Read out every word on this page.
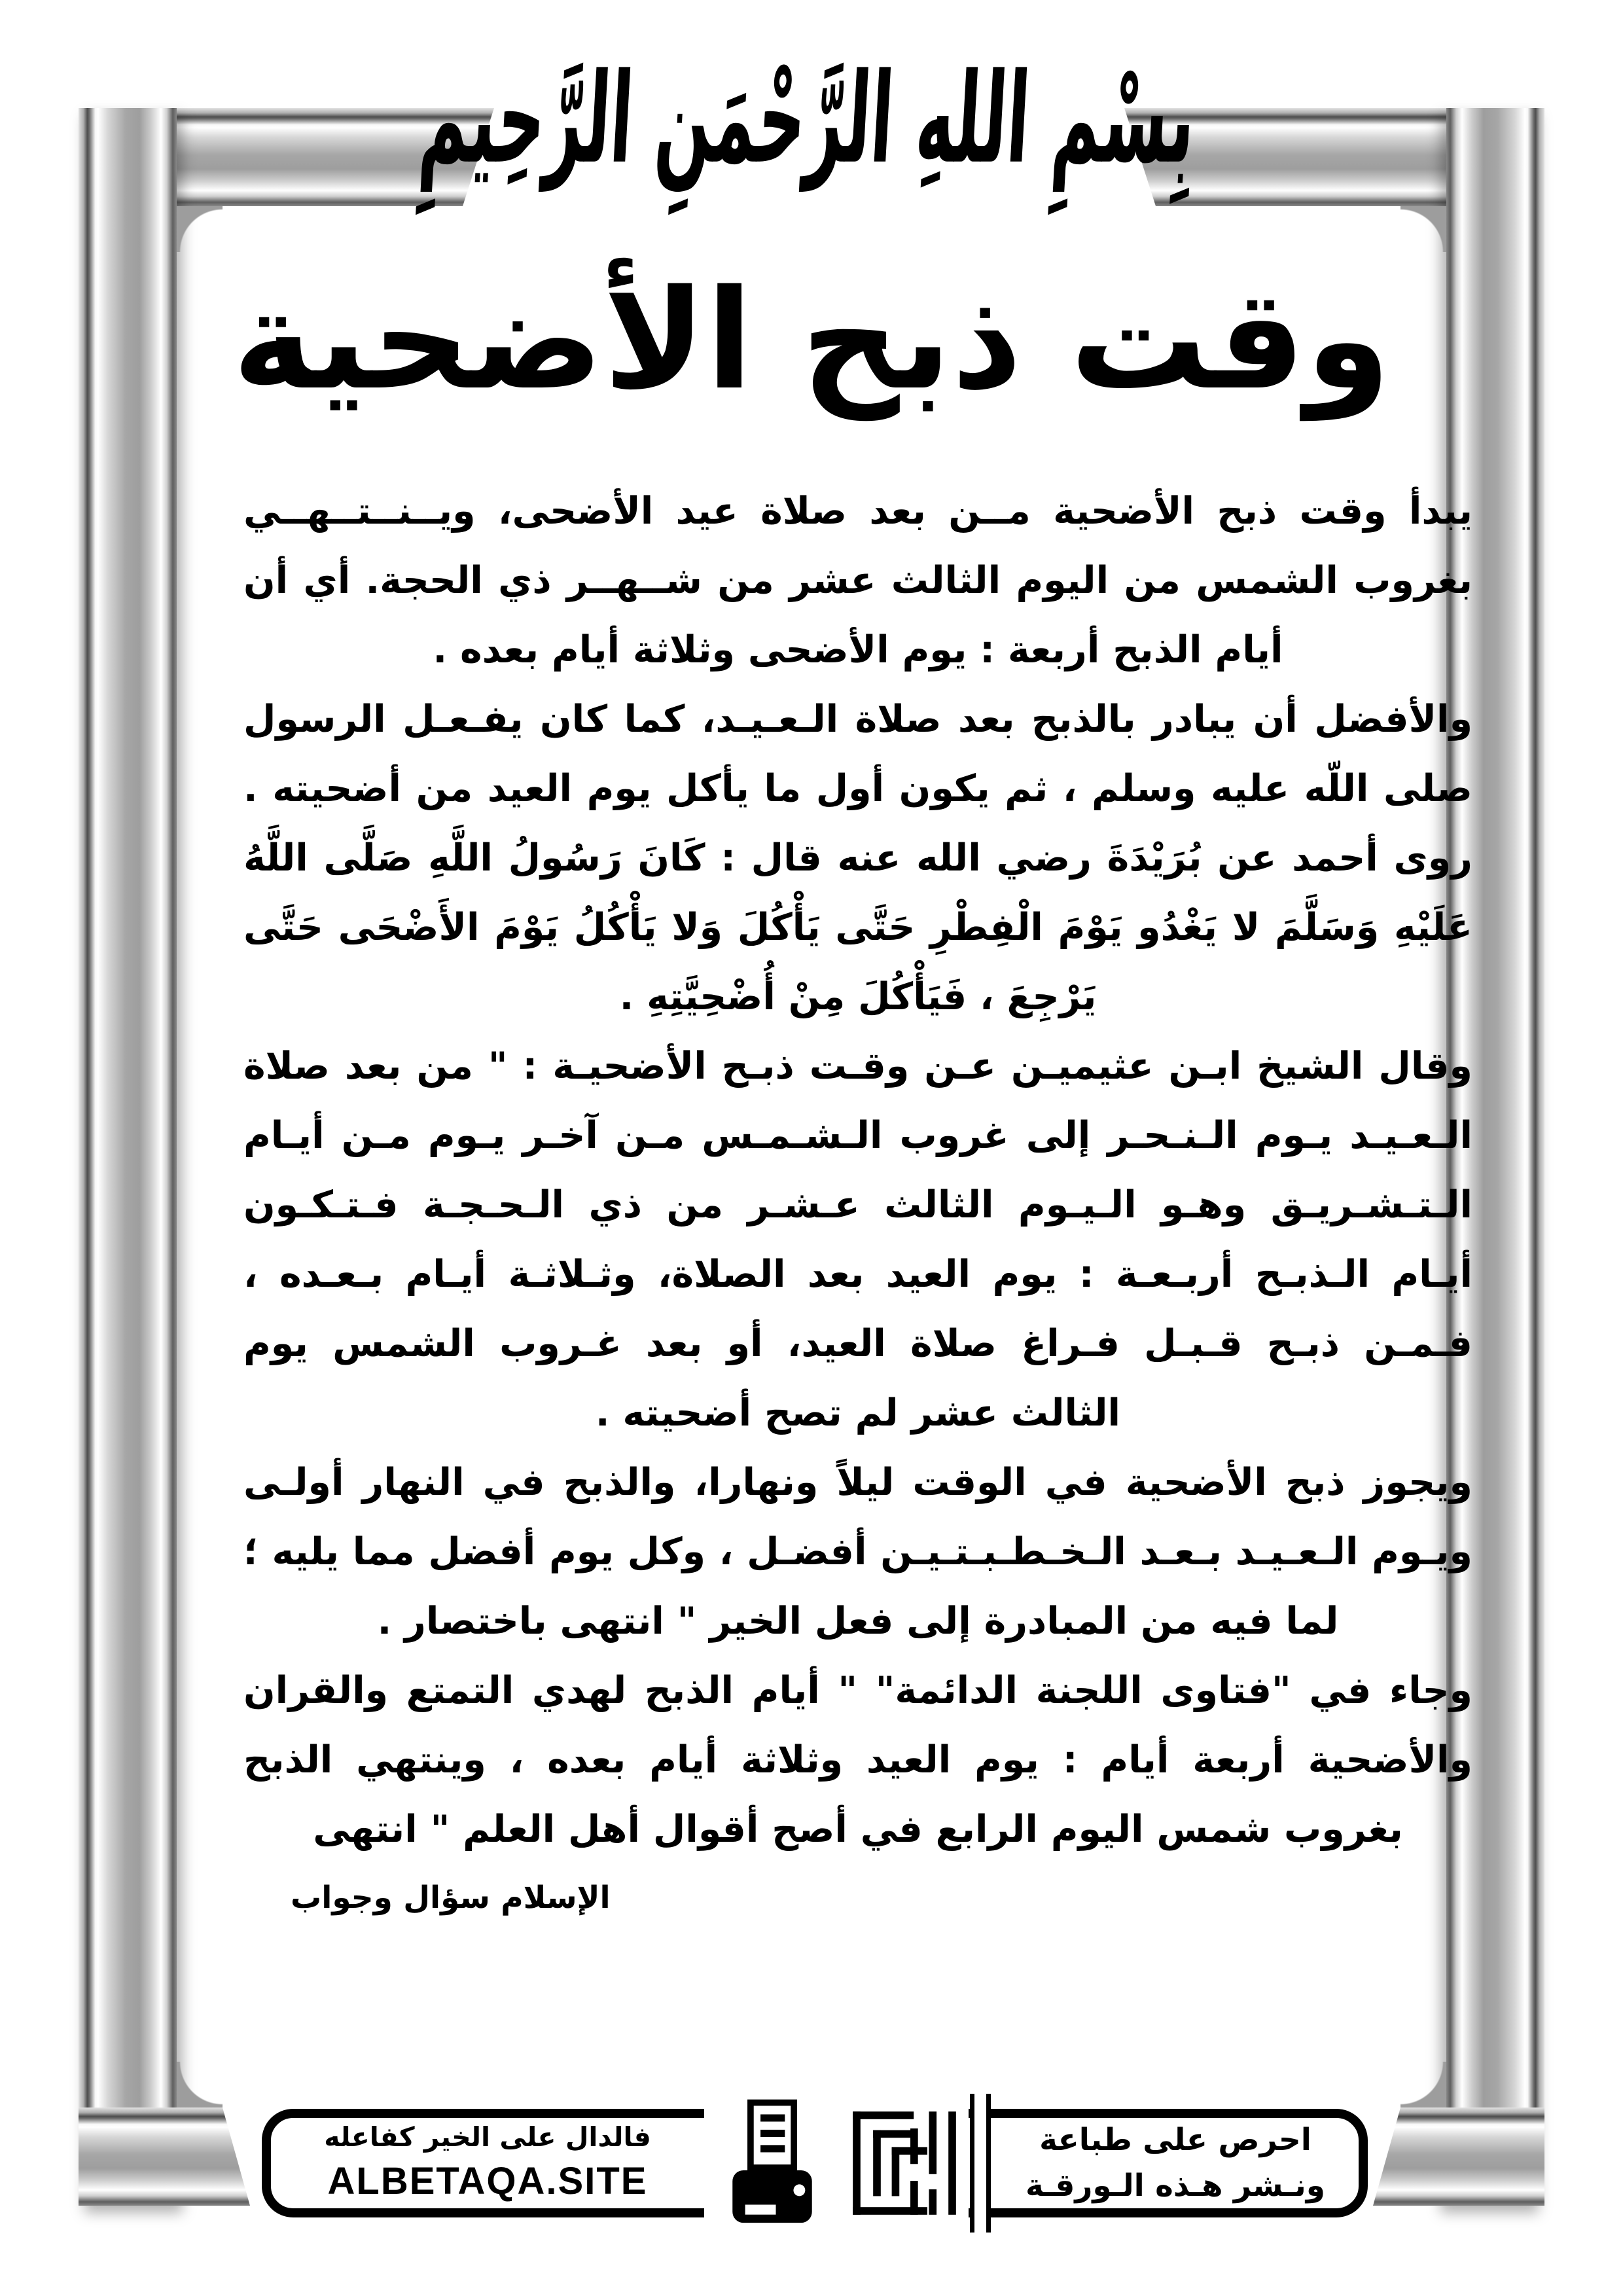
بِسْمِ اللهِ الرَّحْمَنِ الرَّحِيمِ
وقت ذبح الأضحية

يبدأ وقت ذبح الأضحية مــن بعد صلاة عيد الأضحى، ويــنــتــهــي بغروب الشمس من اليوم الثالث عشر من شــهــر ذي الحجة. أي أن أيام الذبح أربعة : يوم الأضحى وثلاثة أيام بعده .

والأفضل أن يبادر بالذبح بعد صلاة الـعـيـد، كما كان يفـعـل الرسول صلى اللّه عليه وسلم ، ثم يكون أول ما يأكل يوم العيد من أضحيته . روى أحمد عن بُرَيْدَةَ رضي الله عنه قال : كَانَ رَسُولُ اللَّهِ صَلَّى اللَّهُ عَلَيْهِ وَسَلَّمَ لا يَغْدُو يَوْمَ الْفِطْرِ حَتَّى يَأْكُلَ وَلا يَأْكُلُ يَوْمَ الأَضْحَى حَتَّى يَرْجِعَ ، فَيَأْكُلَ مِنْ أُضْحِيَّتِهِ .

وقال الشيخ ابـن عثيميـن عـن وقـت ذبـح الأضحيـة : " من بعد صلاة الـعـيـد يـوم الـنـحـر إلى غروب الـشـمـس مـن آخـر يـوم مـن أيـام الـتـشـريـق وهـو الـيـوم الثالث عـشـر من ذي الـحـجـة فـتـكـون أيـام الـذبـح أربـعـة : يوم العيد بعد الصلاة، وثـلاثـة أيـام بـعـده ، فـمـن ذبـح قـبـل فـراغ صلاة العيد، أو بعد غـروب الشمس يوم الثالث عشر لم تصح أضحيته .

ويجوز ذبح الأضحية في الوقت ليلاً ونهارا، والذبح في النهار أولـى ويـوم الـعـيـد بـعـد الـخـطـبـتـيـن أفضـل ، وكل يوم أفضل مما يليه ؛ لما فيه من المبادرة إلى فعل الخير " انتهى باختصار .

وجاء في "فتاوى اللجنة الدائمة" " أيام الذبح لهدي التمتع والقران والأضحية أربعة أيام : يوم العيد وثلاثة أيام بعده ، وينتهي الذبح بغروب شمس اليوم الرابع في أصح أقوال أهل العلم " انتهى

الإسلام سؤال وجواب
احرص على طباعة
ونـشر هـذه الـورقـة
فالدال على الخير كفاعله
ALBETAQA.SITE
